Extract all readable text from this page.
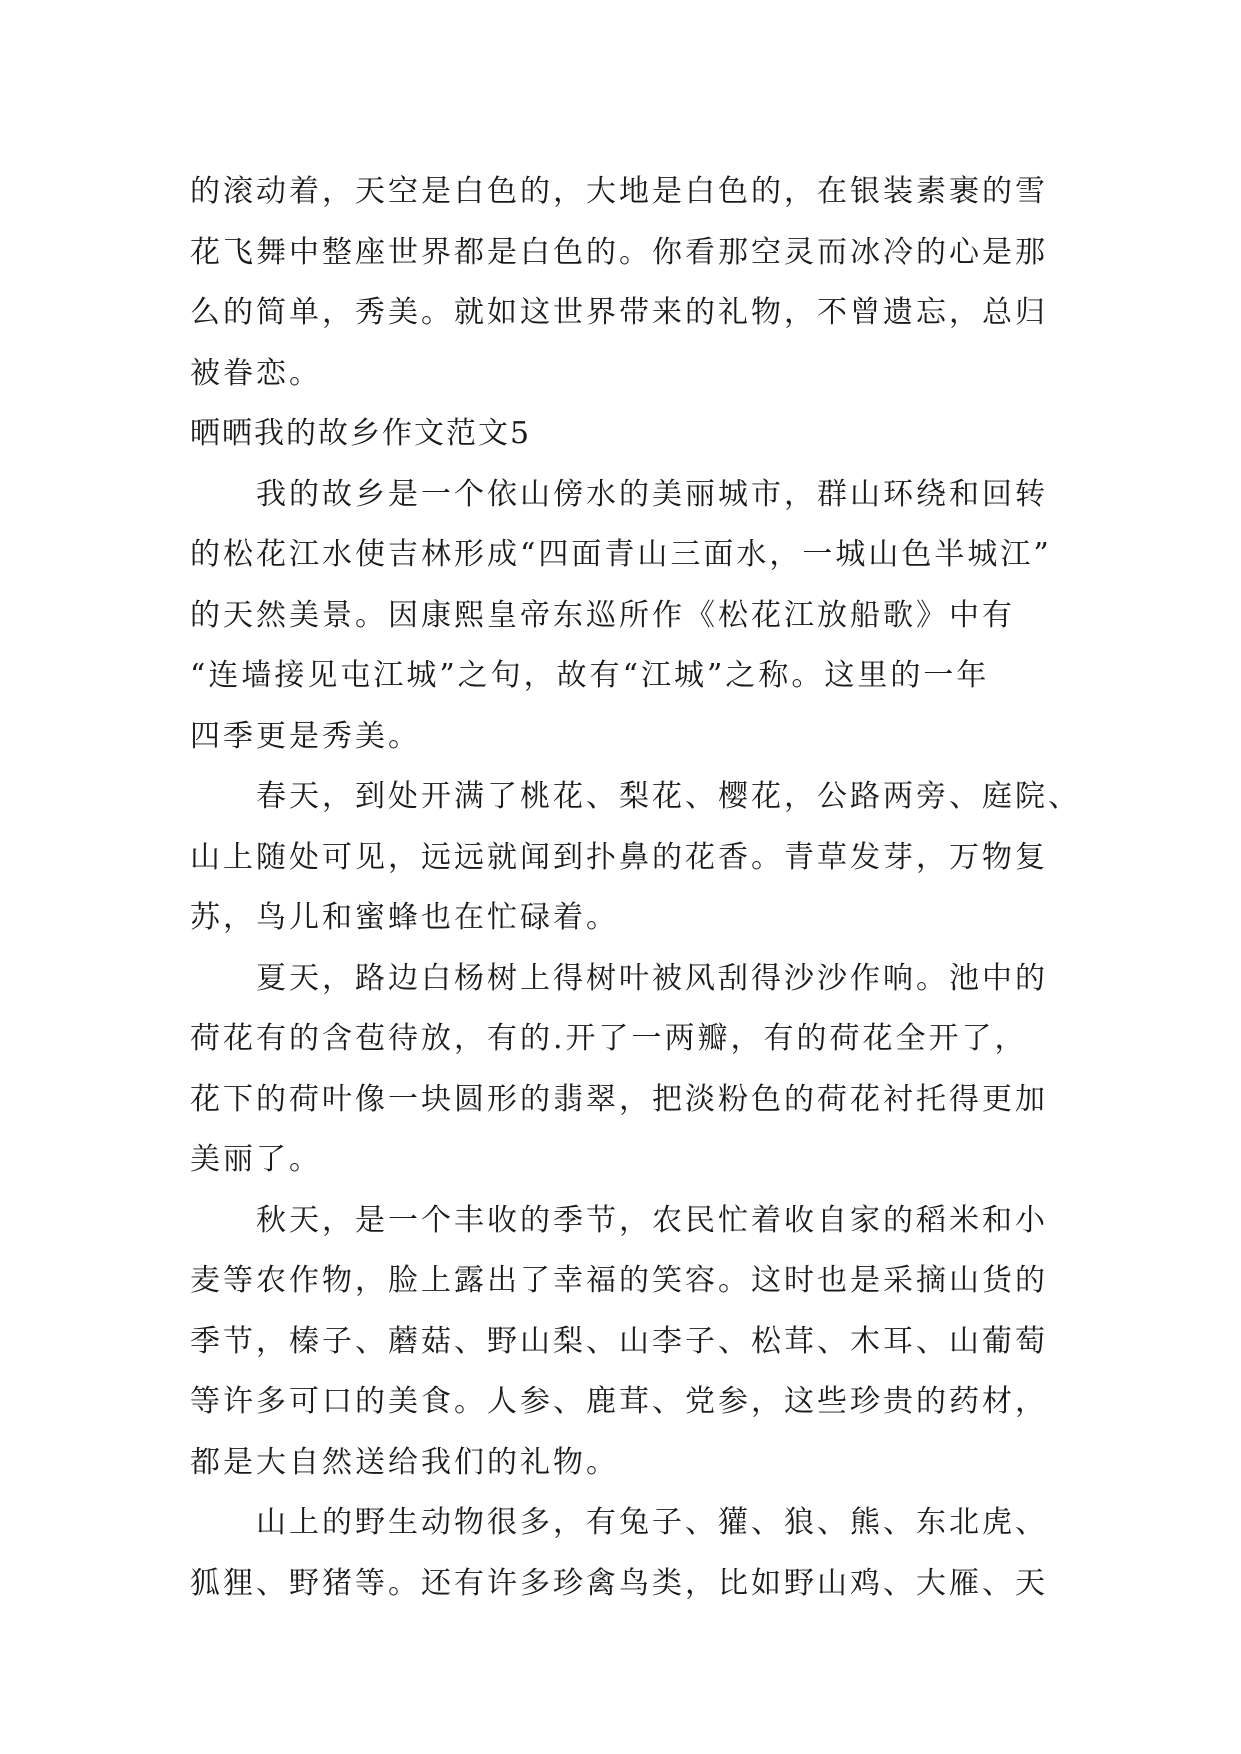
的滚动着，天空是白色的，大地是白色的，在银装素裹的雪
花飞舞中整座世界都是白色的。你看那空灵而冰冷的心是那
么的简单，秀美。就如这世界带来的礼物，不曾遗忘，总归
被眷恋。
晒晒我的故乡作文范文5
我的故乡是一个依山傍水的美丽城市，群山环绕和回转
的松花江水使吉林形成“四面青山三面水，一城山色半城江”
的天然美景。因康熙皇帝东巡所作《松花江放船歌》中有
“连墙接见屯江城”之句，故有“江城”之称。这里的一年
四季更是秀美。
春天，到处开满了桃花、梨花、樱花，公路两旁、庭院、
山上随处可见，远远就闻到扑鼻的花香。青草发芽，万物复
苏，鸟儿和蜜蜂也在忙碌着。
夏天，路边白杨树上得树叶被风刮得沙沙作响。池中的
荷花有的含苞待放，有的.开了一两瓣，有的荷花全开了，
花下的荷叶像一块圆形的翡翠，把淡粉色的荷花衬托得更加
美丽了。
秋天，是一个丰收的季节，农民忙着收自家的稻米和小
麦等农作物，脸上露出了幸福的笑容。这时也是采摘山货的
季节，榛子、蘑菇、野山梨、山李子、松茸、木耳、山葡萄
等许多可口的美食。人参、鹿茸、党参，这些珍贵的药材，
都是大自然送给我们的礼物。
山上的野生动物很多，有兔子、獾、狼、熊、东北虎、
狐狸、野猪等。还有许多珍禽鸟类，比如野山鸡、大雁、天
